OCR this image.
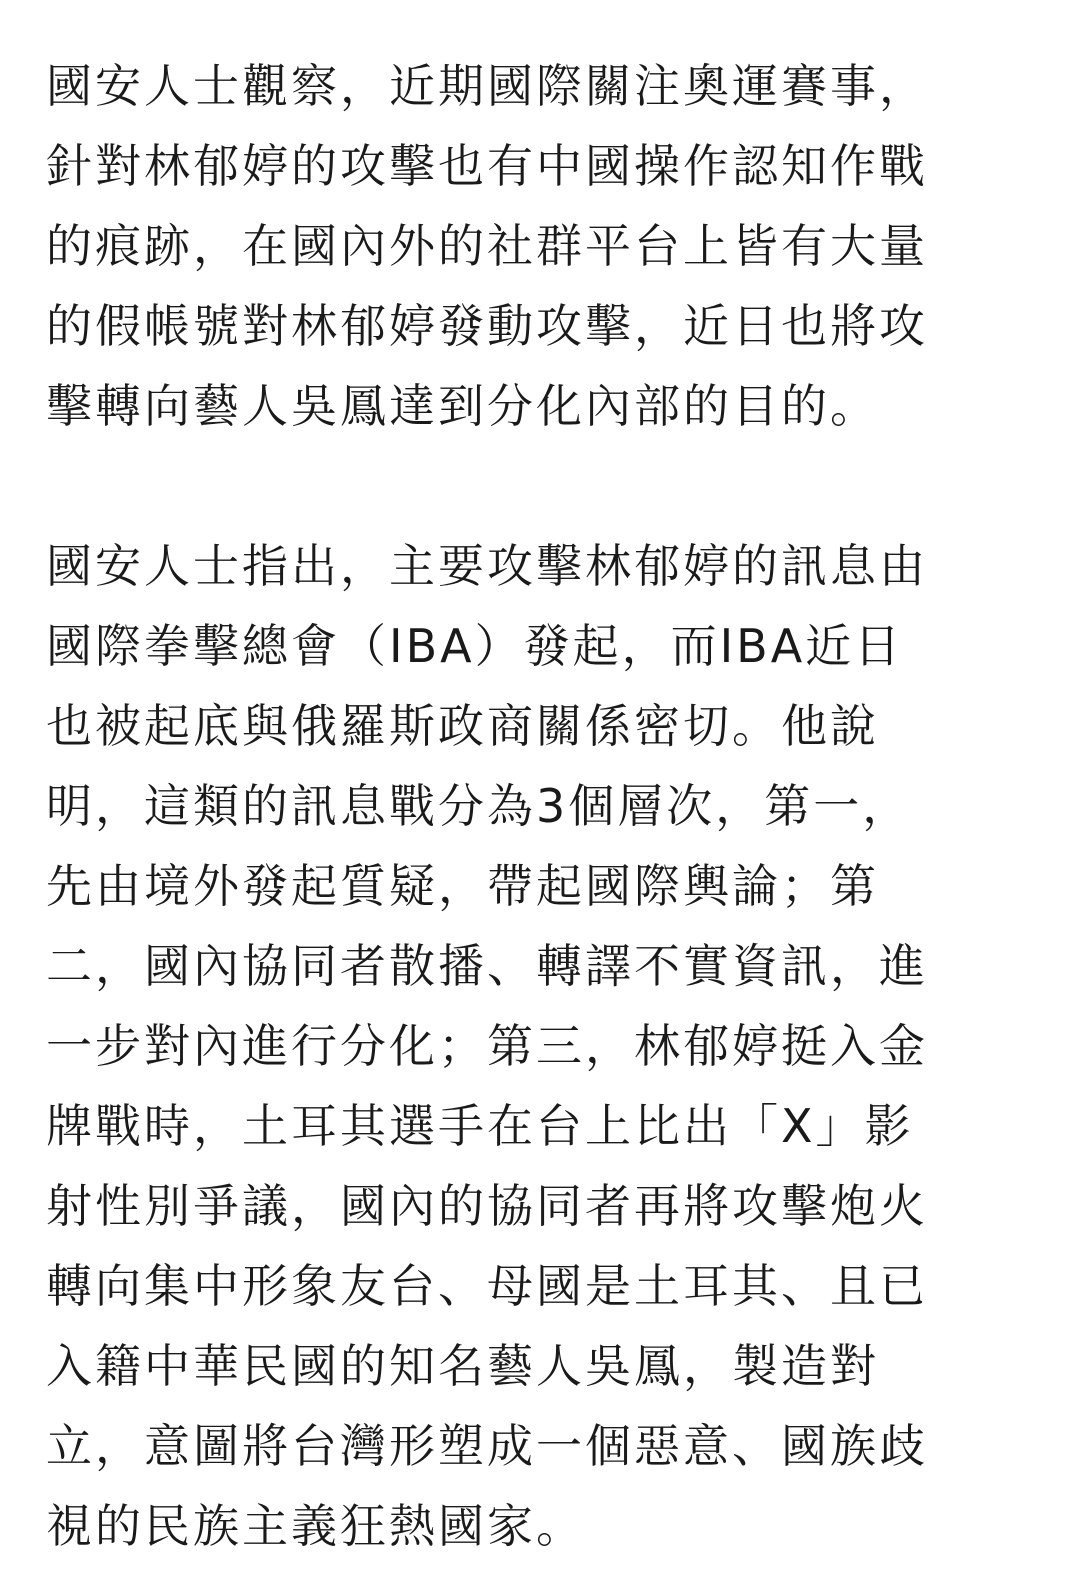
國安人士觀察，近期國際關注奧運賽事，
針對林郁婷的攻擊也有中國操作認知作戰
的痕跡，在國內外的社群平台上皆有大量
的假帳號對林郁婷發動攻擊，近日也將攻
擊轉向藝人吳鳳達到分化內部的目的。

國安人士指出，主要攻擊林郁婷的訊息由
國際拳擊總會（IBA）發起，而IBA近日
也被起底與俄羅斯政商關係密切。他說
明，這類的訊息戰分為3個層次，第一，
先由境外發起質疑，帶起國際輿論；第
二，國內協同者散播、轉譯不實資訊，進
一步對內進行分化；第三，林郁婷挺入金
牌戰時，土耳其選手在台上比出「X」影
射性別爭議，國內的協同者再將攻擊炮火
轉向集中形象友台、母國是土耳其、且已
入籍中華民國的知名藝人吳鳳，製造對
立，意圖將台灣形塑成一個惡意、國族歧
視的民族主義狂熱國家。
